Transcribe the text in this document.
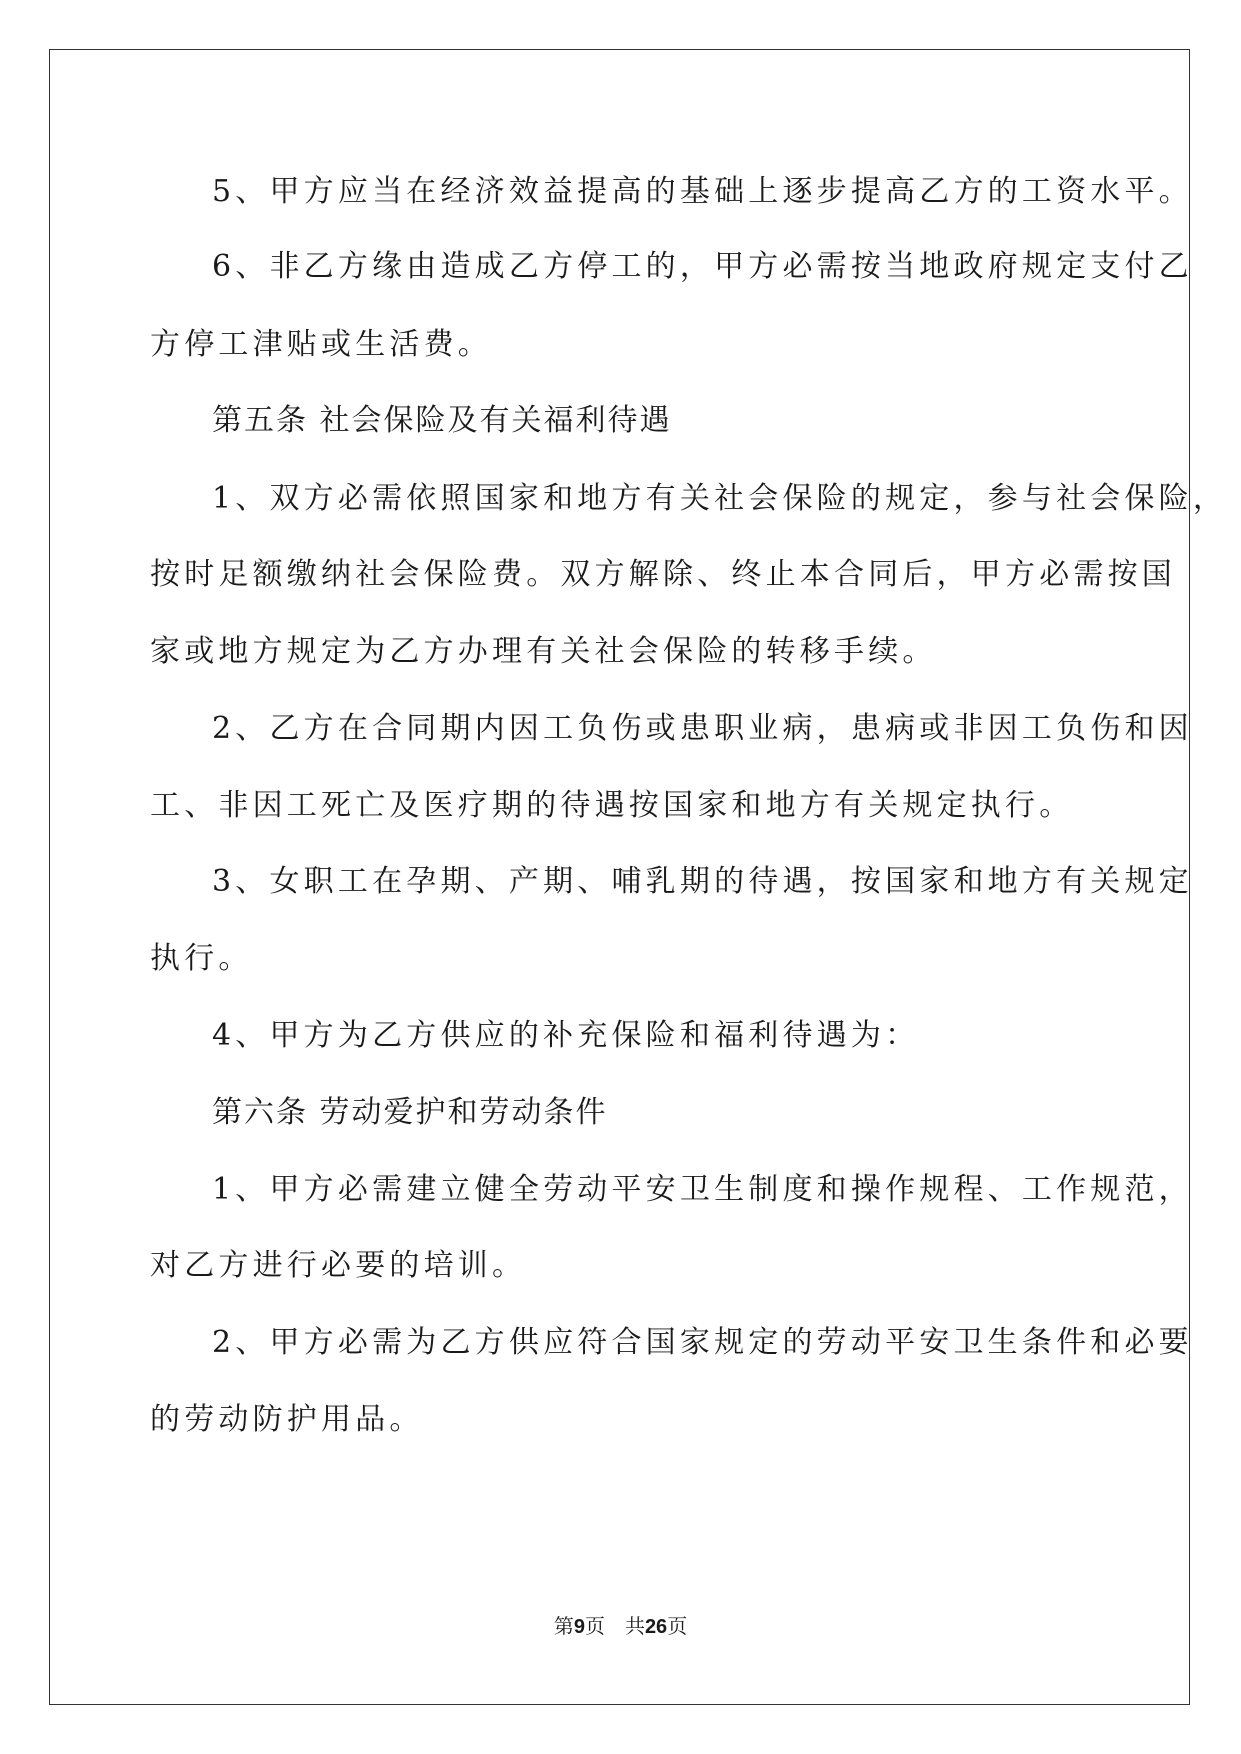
5、甲方应当在经济效益提高的基础上逐步提高乙方的工资水平。
6、非乙方缘由造成乙方停工的，甲方必需按当地政府规定支付乙
方停工津贴或生活费。
第五条 社会保险及有关福利待遇
1、双方必需依照国家和地方有关社会保险的规定，参与社会保险，
按时足额缴纳社会保险费。双方解除、终止本合同后，甲方必需按国
家或地方规定为乙方办理有关社会保险的转移手续。
2、乙方在合同期内因工负伤或患职业病，患病或非因工负伤和因
工、非因工死亡及医疗期的待遇按国家和地方有关规定执行。
3、女职工在孕期、产期、哺乳期的待遇，按国家和地方有关规定
执行。
4、甲方为乙方供应的补充保险和福利待遇为：
第六条 劳动爱护和劳动条件
1、甲方必需建立健全劳动平安卫生制度和操作规程、工作规范，
对乙方进行必要的培训。
2、甲方必需为乙方供应符合国家规定的劳动平安卫生条件和必要
的劳动防护用品。
第9页 共26页
